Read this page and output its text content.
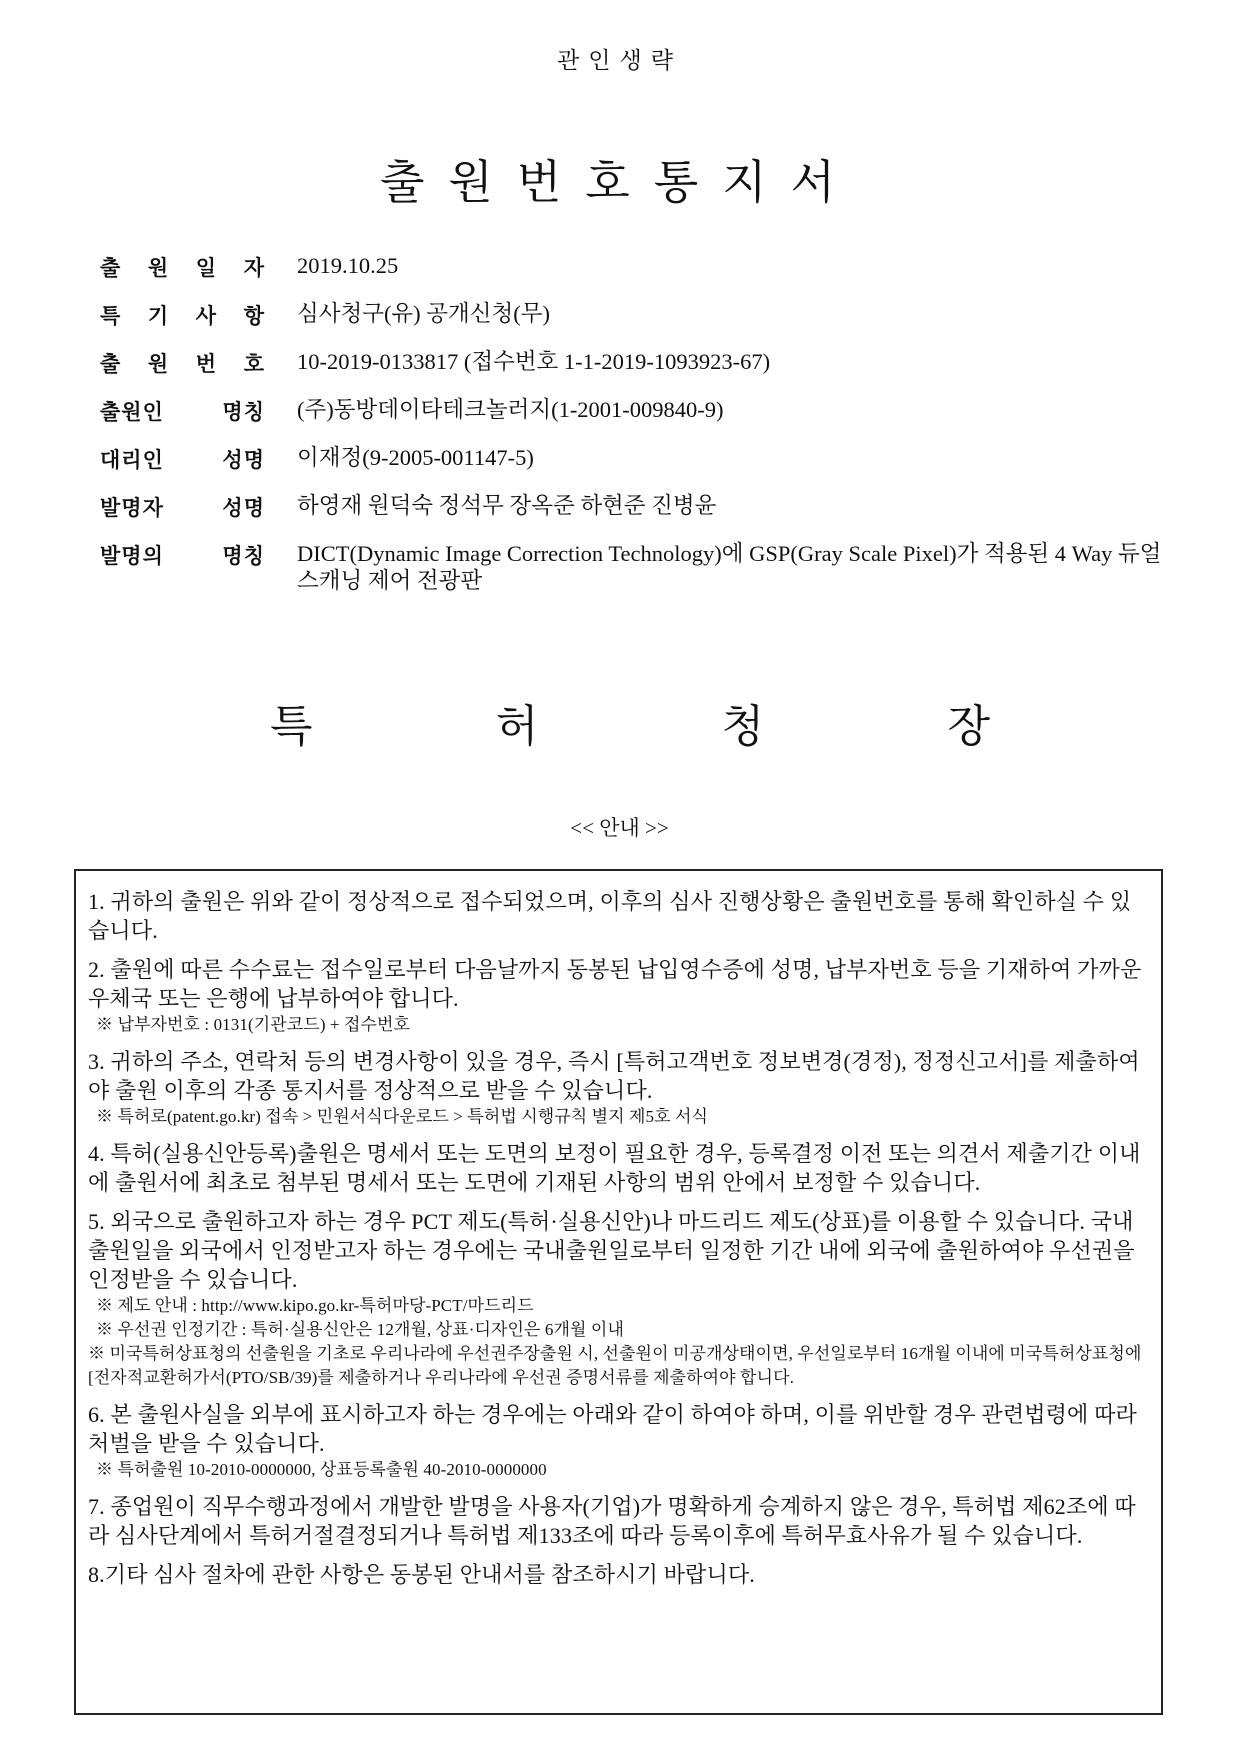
관인생략
출원번호통지서
출 원 일 자 2019.10.25
특 기 사 항 심사청구(유) 공개신청(무)
출 원 번 호 10-2019-0133817 (접수번호 1-1-2019-1093923-67)
출원인 명칭 (주)동방데이타테크놀러지(1-2001-009840-9)
대리인 성명 이재정(9-2005-001147-5)
발명자 성명 하영재 원덕숙 정석무 장옥준 하현준 진병윤
발명의 명칭 DICT(Dynamic Image Correction Technology)에 GSP(Gray Scale Pixel)가 적용된 4 Way 듀얼스캐닝 제어 전광판
특	허	청	장
<< 안내 >>

1. 귀하의 출원은 위와 같이 정상적으로 접수되었으며, 이후의 심사 진행상황은 출원번호를 통해 확인하실 수 있습니다.

2. 출원에 따른 수수료는 접수일로부터 다음날까지 동봉된 납입영수증에 성명, 납부자번호 등을 기재하여 가까운 우체국 또는 은행에 납부하여야 합니다.

※ 납부자번호 : 0131(기관코드) + 접수번호

3. 귀하의 주소, 연락처 등의 변경사항이 있을 경우, 즉시 [특허고객번호 정보변경(경정), 정정신고서]를 제출하여야 출원 이후의 각종 통지서를 정상적으로 받을 수 있습니다.

※ 특허로(patent.go.kr) 접속 > 민원서식다운로드 > 특허법 시행규칙 별지 제5호 서식

4. 특허(실용신안등록)출원은 명세서 또는 도면의 보정이 필요한 경우, 등록결정 이전 또는 의견서 제출기간 이내에 출원서에 최초로 첨부된 명세서 또는 도면에 기재된 사항의 범위 안에서 보정할 수 있습니다.

5. 외국으로 출원하고자 하는 경우 PCT 제도(특허·실용신안)나 마드리드 제도(상표)를 이용할 수 있습니다. 국내출원일을 외국에서 인정받고자 하는 경우에는 국내출원일로부터 일정한 기간 내에 외국에 출원하여야 우선권을 인정받을 수 있습니다.

※ 제도 안내 : http://www.kipo.go.kr-특허마당-PCT/마드리드

※ 우선권 인정기간 : 특허·실용신안은 12개월, 상표·디자인은 6개월 이내

※ 미국특허상표청의 선출원을 기초로 우리나라에 우선권주장출원 시, 선출원이 미공개상태이면, 우선일로부터 16개월 이내에 미국특허상표청에 [전자적교환허가서(PTO/SB/39)를 제출하거나 우리나라에 우선권 증명서류를 제출하여야 합니다.

6. 본 출원사실을 외부에 표시하고자 하는 경우에는 아래와 같이 하여야 하며, 이를 위반할 경우 관련법령에 따라 처벌을 받을 수 있습니다.

※ 특허출원 10-2010-0000000, 상표등록출원 40-2010-0000000

7. 종업원이 직무수행과정에서 개발한 발명을 사용자(기업)가 명확하게 승계하지 않은 경우, 특허법 제62조에 따라 심사단계에서 특허거절결정되거나 특허법 제133조에 따라 등록이후에 특허무효사유가 될 수 있습니다.

8.기타 심사 절차에 관한 사항은 동봉된 안내서를 참조하시기 바랍니다.
